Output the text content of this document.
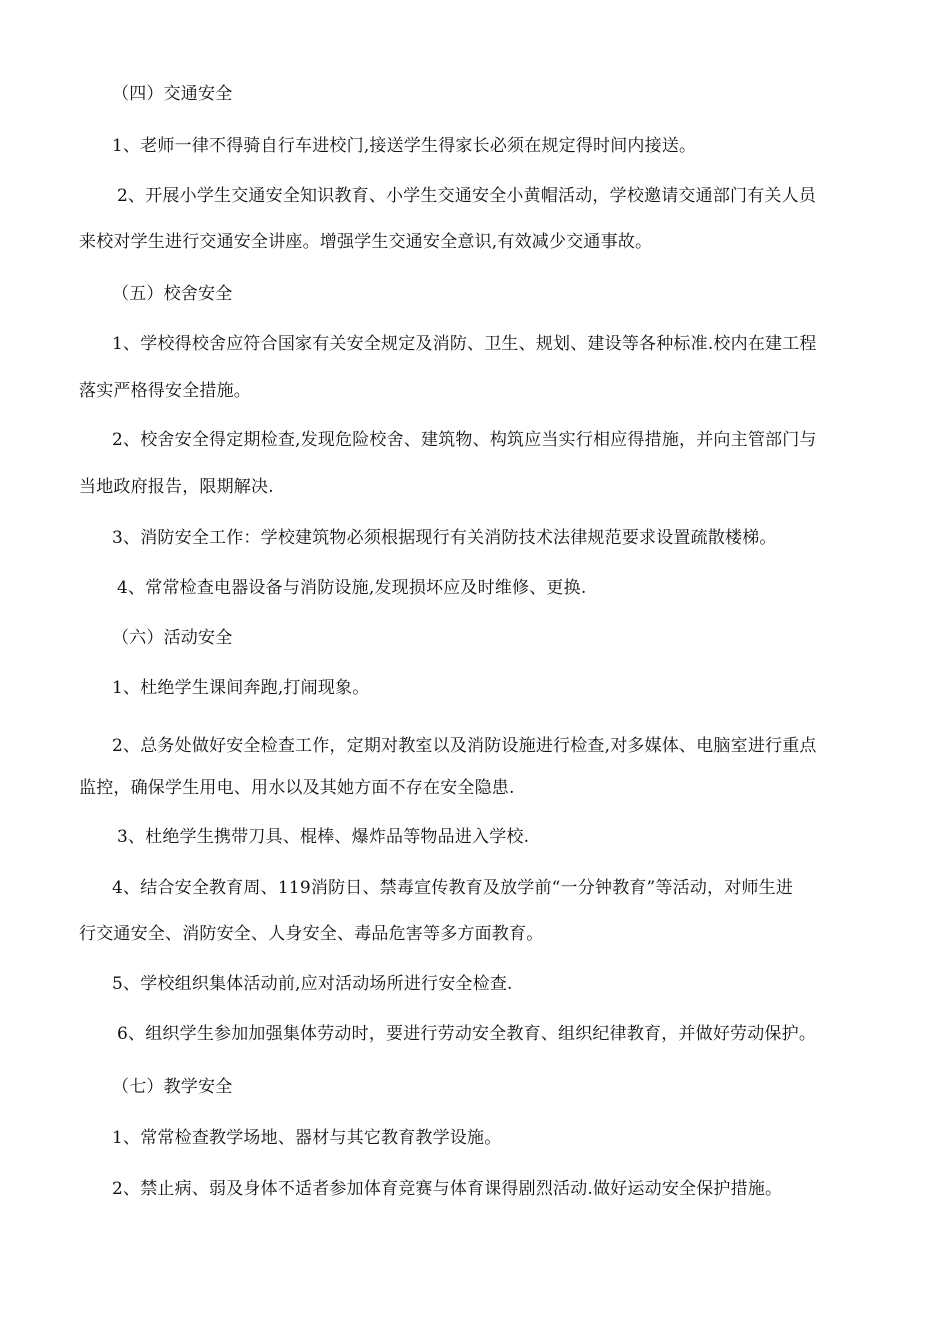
（四）交通安全
1、老师一律不得骑自行车进校门,接送学生得家长必须在规定得时间内接送。
2、开展小学生交通安全知识教育、小学生交通安全小黄帽活动，学校邀请交通部门有关人员
来校对学生进行交通安全讲座。增强学生交通安全意识,有效减少交通事故。
（五）校舍安全
1、学校得校舍应符合国家有关安全规定及消防、卫生、规划、建设等各种标准.校内在建工程
落实严格得安全措施。
2、校舍安全得定期检查,发现危险校舍、建筑物、构筑应当实行相应得措施，并向主管部门与
当地政府报告，限期解决.
3、消防安全工作：学校建筑物必须根据现行有关消防技术法律规范要求设置疏散楼梯。
4、常常检查电器设备与消防设施,发现损坏应及时维修、更换.
（六）活动安全
1、杜绝学生课间奔跑,打闹现象。
2、总务处做好安全检查工作，定期对教室以及消防设施进行检查,对多媒体、电脑室进行重点
监控，确保学生用电、用水以及其她方面不存在安全隐患.
3、杜绝学生携带刀具、棍棒、爆炸品等物品进入学校.
4、结合安全教育周、119消防日、禁毒宣传教育及放学前“一分钟教育”等活动，对师生进
行交通安全、消防安全、人身安全、毒品危害等多方面教育。
5、学校组织集体活动前,应对活动场所进行安全检查.
6、组织学生参加加强集体劳动时，要进行劳动安全教育、组织纪律教育，并做好劳动保护。
（七）教学安全
1、常常检查教学场地、器材与其它教育教学设施。
2、禁止病、弱及身体不适者参加体育竞赛与体育课得剧烈活动.做好运动安全保护措施。
